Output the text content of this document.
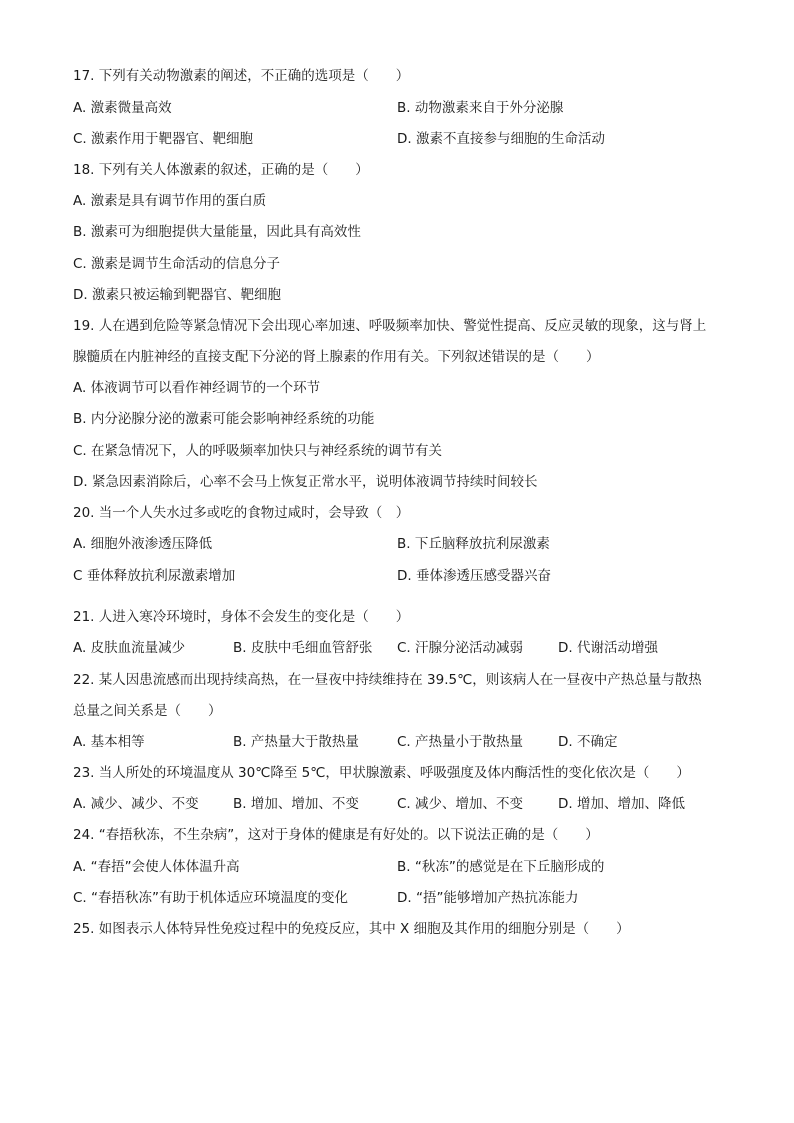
17. 下列有关动物激素的阐述，不正确的选项是（　　）
A. 激素微量高效	B. 动物激素来自于外分泌腺
C. 激素作用于靶器官、靶细胞	D. 激素不直接参与细胞的生命活动
18. 下列有关人体激素的叙述，正确的是（　　）
A. 激素是具有调节作用的蛋白质
B. 激素可为细胞提供大量能量，因此具有高效性
C. 激素是调节生命活动的信息分子
D. 激素只被运输到靶器官、靶细胞
19. 人在遇到危险等紧急情况下会出现心率加速、呼吸频率加快、警觉性提高、反应灵敏的现象，这与肾上
腺髓质在内脏神经的直接支配下分泌的肾上腺素的作用有关。下列叙述错误的是（　　）
A. 体液调节可以看作神经调节的一个环节
B. 内分泌腺分泌的激素可能会影响神经系统的功能
C. 在紧急情况下，人的呼吸频率加快只与神经系统的调节有关
D. 紧急因素消除后，心率不会马上恢复正常水平，说明体液调节持续时间较长
20. 当一个人失水过多或吃的食物过咸时，会导致（　）
A. 细胞外液渗透压降低	B. 下丘脑释放抗利尿激素
C 垂体释放抗利尿激素增加	D. 垂体渗透压感受器兴奋
21. 人进入寒冷环境时，身体不会发生的变化是（　　）
A. 皮肤血流量减少	B. 皮肤中毛细血管舒张 C. 汗腺分泌活动减弱	D. 代谢活动增强
22. 某人因患流感而出现持续高热，在一昼夜中持续维持在 39.5℃，则该病人在一昼夜中产热总量与散热
总量之间关系是（　　）
A. 基本相等	B. 产热量大于散热量	C. 产热量小于散热量	D. 不确定
23. 当人所处的环境温度从 30℃降至 5℃，甲状腺激素、呼吸强度及体内酶活性的变化依次是（　　）
A. 减少、减少、不变	B. 增加、增加、不变	C. 减少、增加、不变	D. 增加、增加、降低
24. “春捂秋冻，不生杂病”，这对于身体的健康是有好处的。以下说法正确的是（　　）
A. “春捂”会使人体体温升高	B. “秋冻”的感觉是在下丘脑形成的
C. “春捂秋冻”有助于机体适应环境温度的变化	D. “捂”能够增加产热抗冻能力
25. 如图表示人体特异性免疫过程中的免疫反应，其中 X 细胞及其作用的细胞分别是（　　）
